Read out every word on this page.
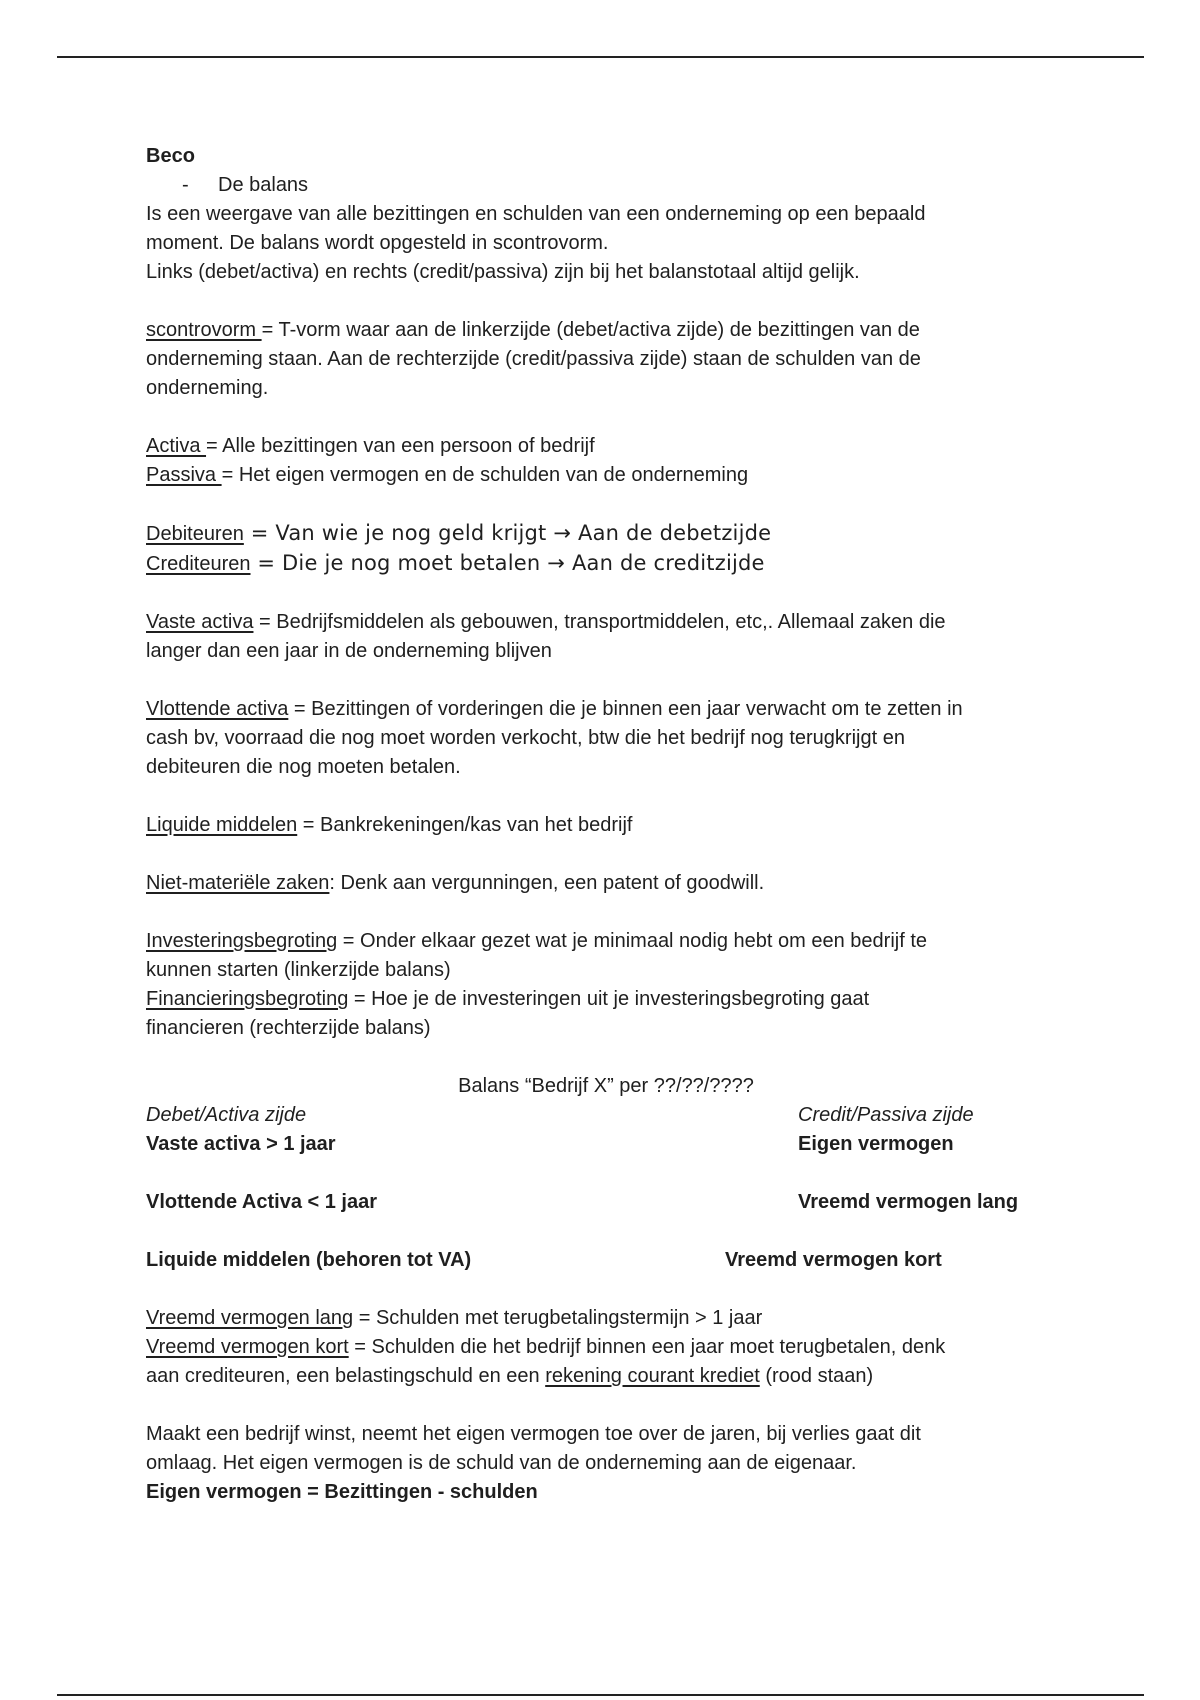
Beco

- De balans

Is een weergave van alle bezittingen en schulden van een onderneming op een bepaald

moment. De balans wordt opgesteld in scontrovorm.

Links (debet/activa) en rechts (credit/passiva) zijn bij het balanstotaal altijd gelijk.

scontrovorm = T-vorm waar aan de linkerzijde (debet/activa zijde) de bezittingen van de

onderneming staan. Aan de rechterzijde (credit/passiva zijde) staan de schulden van de

onderneming.

Activa = Alle bezittingen van een persoon of bedrijf

Passiva = Het eigen vermogen en de schulden van de onderneming

Debiteuren = Van wie je nog geld krijgt → Aan de debetzijde

Crediteuren = Die je nog moet betalen → Aan de creditzijde

Vaste activa = Bedrijfsmiddelen als gebouwen, transportmiddelen, etc,. Allemaal zaken die

langer dan een jaar in de onderneming blijven

Vlottende activa = Bezittingen of vorderingen die je binnen een jaar verwacht om te zetten in

cash bv, voorraad die nog moet worden verkocht, btw die het bedrijf nog terugkrijgt en

debiteuren die nog moeten betalen.

Liquide middelen = Bankrekeningen/kas van het bedrijf

Niet-materiële zaken: Denk aan vergunningen, een patent of goodwill.

Investeringsbegroting = Onder elkaar gezet wat je minimaal nodig hebt om een bedrijf te

kunnen starten (linkerzijde balans)

Financieringsbegroting = Hoe je de investeringen uit je investeringsbegroting gaat

financieren (rechterzijde balans)

Balans “Bedrijf X” per ??/??/????

Debet/Activa zijde	Credit/Passiva zijde
Vaste activa > 1 jaar	Eigen vermogen
Vlottende Activa < 1 jaar	Vreemd vermogen lang
Liquide middelen (behoren tot VA)	Vreemd vermogen kort

Vreemd vermogen lang = Schulden met terugbetalingstermijn > 1 jaar

Vreemd vermogen kort = Schulden die het bedrijf binnen een jaar moet terugbetalen, denk

aan crediteuren, een belastingschuld en een rekening courant krediet (rood staan)

Maakt een bedrijf winst, neemt het eigen vermogen toe over de jaren, bij verlies gaat dit

omlaag. Het eigen vermogen is de schuld van de onderneming aan de eigenaar.

Eigen vermogen = Bezittingen - schulden
